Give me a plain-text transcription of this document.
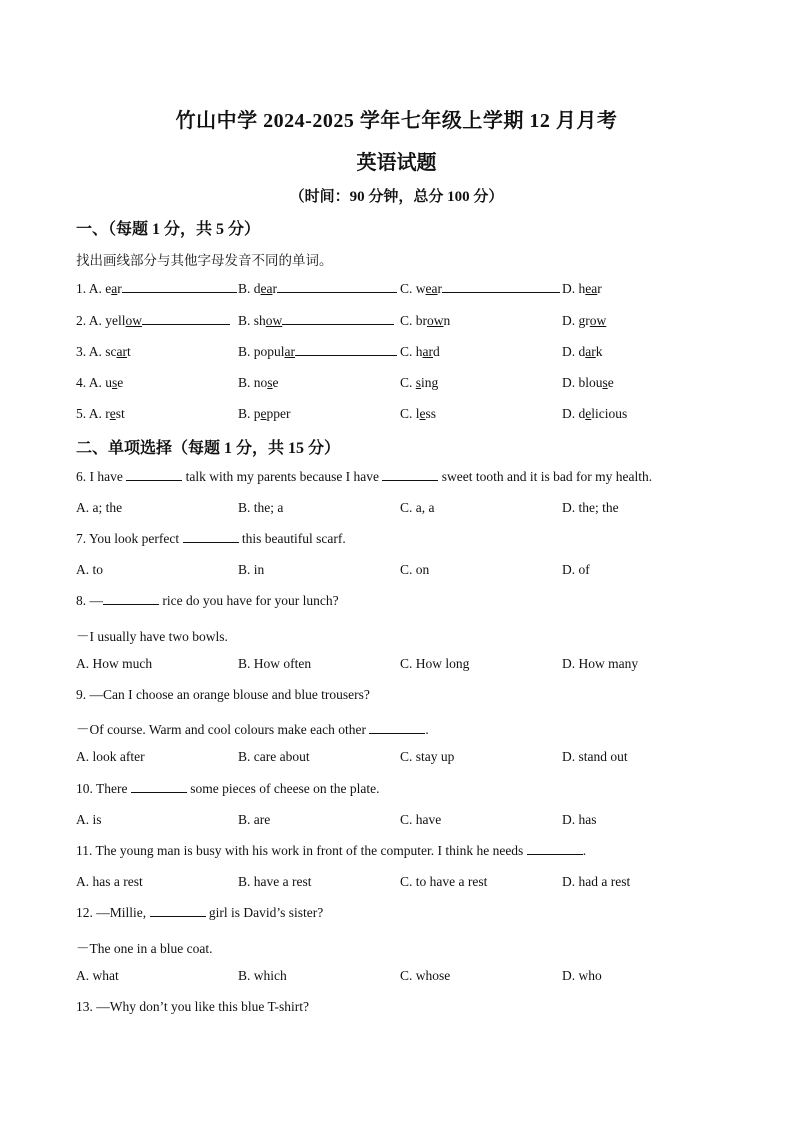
竹山中学 2024-2025 学年七年级上学期 12 月月考
英语试题
（时间：90 分钟，总分 100 分）
一、（每题 1 分，共 5 分）
找出画线部分与其他字母发音不同的单词。
1. A. ear	B. dear	C. wear	D. hear
2. A. yellow	B. show	C. brown	D. grow
3. A. scart	B. popular	C. hard	D. dark
4. A. use	B. nose	C. sing	D. blouse
5. A. rest	B. pepper	C. less	D. delicious
二、单项选择（每题 1 分，共 15 分）
6. I have	talk with my parents because I have	sweet tooth and it is bad for my health.
A. a; the	B. the; a	C. a, a	D. the; the
7. You look perfect	this beautiful scarf.
A. to	B. in	C. on	D. of
8. —	rice do you have for your lunch?
－I usually have two bowls.
A. How much	B. How often	C. How long	D. How many
9. —Can I choose an orange blouse and blue trousers?
－Of course. Warm and cool colours make each other	.
A. look after	B. care about	C. stay up	D. stand out
10. There	some pieces of cheese on the plate.
A. is	B. are	C. have	D. has
11. The young man is busy with his work in front of the computer. I think he needs	.
A. has a rest	B. have a rest	C. to have a rest	D. had a rest
12. —Millie,	girl is David’s sister?
－The one in a blue coat.
A. what	B. which	C. whose	D. who
13. —Why don’t you like this blue T-shirt?
